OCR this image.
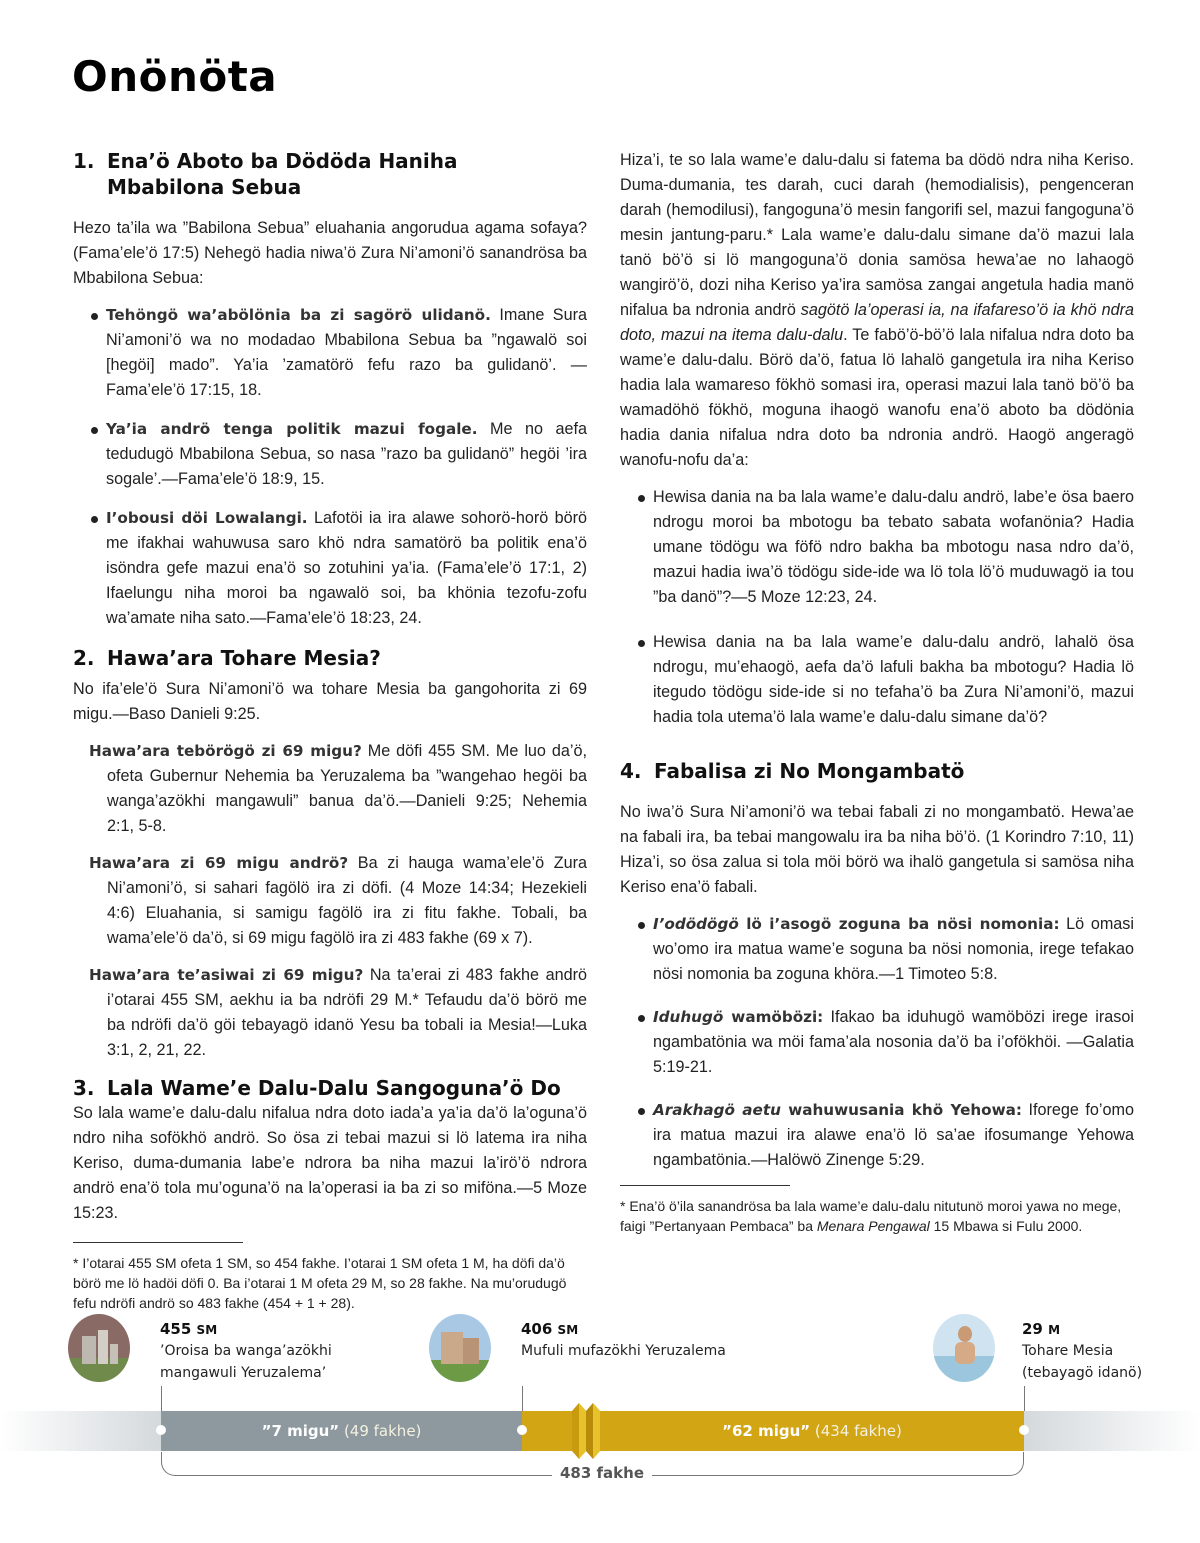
Onönöta
1. Ena’ö Aboto ba Dödöda Haniha
Mbabilona Sebua

Hezo ta’ila wa ”Babilona Sebua” eluahania angorudua agama sofaya? (Fama’ele’ö 17:5) Nehegö hadia niwa’ö Zura Ni’amoni’ö sanandrösa ba Mbabilona Sebua:

Tehöngö wa’abölönia ba zi sagörö ulidanö. Imane Sura Ni’amoni’ö wa no modadao Mbabilona Sebua ba ”ngawalö soi [hegöi] mado”. Ya’ia ’zamatörö fefu razo ba gulidanö’. —Fama’ele’ö 17:15, 18.
Ya’ia andrö tenga politik mazui fogale. Me no aefa tedudugö Mbabilona Sebua, so nasa ”razo ba gulidanö” hegöi ’ira sogale’.—Fama’ele’ö 18:9, 15.
I’obousi döi Lowalangi. Lafotöi ia ira alawe sohorö-horö börö me ifakhai wahuwusa saro khö ndra samatörö ba politik ena’ö isöndra gefe mazui ena’ö so zotuhini ya’ia. (Fama’ele’ö 17:1, 2) Ifaelungu niha moroi ba ngawalö soi, ba khönia tezofu-zofu wa’amate niha sato.—Fama’ele’ö 18:23, 24.
2. Hawa’ara Tohare Mesia?

No ifa’ele’ö Sura Ni’amoni’ö wa tohare Mesia ba gangohorita zi 69 migu.—Baso Danieli 9:25.

Hawa’ara tebörögö zi 69 migu? Me döfi 455 SM. Me luo da’ö, ofeta Gubernur Nehemia ba Yeruzalema ba ”wangehao hegöi ba wanga’azökhi mangawuli” banua da’ö.—Danieli 9:25; Nehemia 2:1, 5-8.

Hawa’ara zi 69 migu andrö? Ba zi hauga wama’ele’ö Zura Ni’amoni’ö, si sahari fagölö ira zi döfi. (4 Moze 14:34; Hezekieli 4:6) Eluahania, si samigu fagölö ira zi fitu fakhe. Tobali, ba wama’ele’ö da’ö, si 69 migu fagölö ira zi 483 fakhe (69 x 7).

Hawa’ara te’asiwai zi 69 migu? Na ta’erai zi 483 fakhe andrö i’otarai 455 SM, aekhu ia ba ndröfi 29 M.* Tefaudu da’ö börö me ba ndröfi da’ö göi tebayagö idanö Yesu ba tobali ia Mesia!—Luka 3:1, 2, 21, 22.

3. Lala Wame’e Dalu-Dalu Sangoguna’ö Do

So lala wame’e dalu-dalu nifalua ndra doto iada’a ya’ia da’ö la’oguna’ö ndro niha sofökhö andrö. So ösa zi tebai mazui si lö latema ira niha Keriso, duma-dumania labe’e ndrora ba niha mazui la’irö’ö ndrora andrö ena’ö tola mu’oguna’ö na la’operasi ia ba zi so miföna.—5 Moze 15:23.

* I’otarai 455 SM ofeta 1 SM, so 454 fakhe. I’otarai 1 SM ofeta 1 M, ha döfi da’ö börö me lö hadöi döfi 0. Ba i’otarai 1 M ofeta 29 M, so 28 fakhe. Na mu’orudugö fefu ndröfi andrö so 483 fakhe (454 + 1 + 28).

Hiza’i, te so lala wame’e dalu-dalu si fatema ba dödö ndra niha Keriso. Duma-dumania, tes darah, cuci darah (hemodialisis), pengenceran darah (hemodilusi), fangoguna’ö mesin fangorifi sel, mazui fangoguna’ö mesin jantung-paru.* Lala wame’e dalu-dalu simane da’ö mazui lala tanö bö’ö si lö mangoguna’ö donia samösa hewa’ae no lahaogö wangirö’ö, dozi niha Keriso ya’ira samösa zangai angetula hadia manö nifalua ba ndronia andrö sagötö la’operasi ia, na ifafareso’ö ia khö ndra doto, mazui na itema dalu-dalu. Te fabö’ö-bö’ö lala nifalua ndra doto ba wame’e dalu-dalu. Börö da’ö, fatua lö lahalö gangetula ira niha Keriso hadia lala wamareso fökhö somasi ira, operasi mazui lala tanö bö’ö ba wamadöhö fökhö, moguna ihaogö wanofu ena’ö aboto ba dödönia hadia dania nifalua ndra doto ba ndronia andrö. Haogö angeragö wanofu-nofu da’a:

Hewisa dania na ba lala wame’e dalu-dalu andrö, labe’e ösa baero ndrogu moroi ba mbotogu ba tebato sabata wofanönia? Hadia umane tödögu wa föfö ndro bakha ba mbotogu nasa ndro da’ö, mazui hadia iwa’ö tödögu side-ide wa lö tola lö’ö muduwagö ia tou ”ba danö”?—5 Moze 12:23, 24.
Hewisa dania na ba lala wame’e dalu-dalu andrö, lahalö ösa ndrogu, mu’ehaogö, aefa da’ö lafuli bakha ba mbotogu? Hadia lö itegudo tödögu side-ide si no tefaha’ö ba Zura Ni’amoni’ö, mazui hadia tola utema’ö lala wame’e dalu-dalu simane da’ö?
4. Fabalisa zi No Mongambatö

No iwa’ö Sura Ni’amoni’ö wa tebai fabali zi no mongambatö. Hewa’ae na fabali ira, ba tebai mangowalu ira ba niha bö’ö. (1 Korindro 7:10, 11) Hiza’i, so ösa zalua si tola möi börö wa ihalö gangetula si samösa niha Keriso ena’ö fabali.

I’odödögö lö i’asogö zoguna ba nösi nomonia: Lö omasi wo’omo ira matua wame’e soguna ba nösi nomonia, irege tefakao nösi nomonia ba zoguna khöra.—1 Timoteo 5:8.
Iduhugö wamöbözi: Ifakao ba iduhugö wamöbözi irege irasoi ngambatönia wa möi fama’ala nosonia da’ö ba i’ofökhöi. —Galatia 5:19-21.
Arakhagö aetu wahuwusania khö Yehowa: Iforege fo’omo ira matua mazui ira alawe ena’ö lö sa’ae ifosumange Yehowa ngambatönia.—Halöwö Zinenge 5:29.

* Ena’ö ö’ila sanandrösa ba lala wame’e dalu-dalu nitutunö moroi yawa no mege, faigi ”Pertanyaan Pembaca” ba Menara Pengawal 15 Mbawa si Fulu 2000.

455 SM
’Oroisa ba wanga’azökhi
mangawuli Yeruzalema’
406 SM
Mufuli mufazökhi Yeruzalema
29 M
Tohare Mesia
(tebayagö idanö)
”7 migu” (49 fakhe)	”62 migu” (434 fakhe)
483 fakhe
